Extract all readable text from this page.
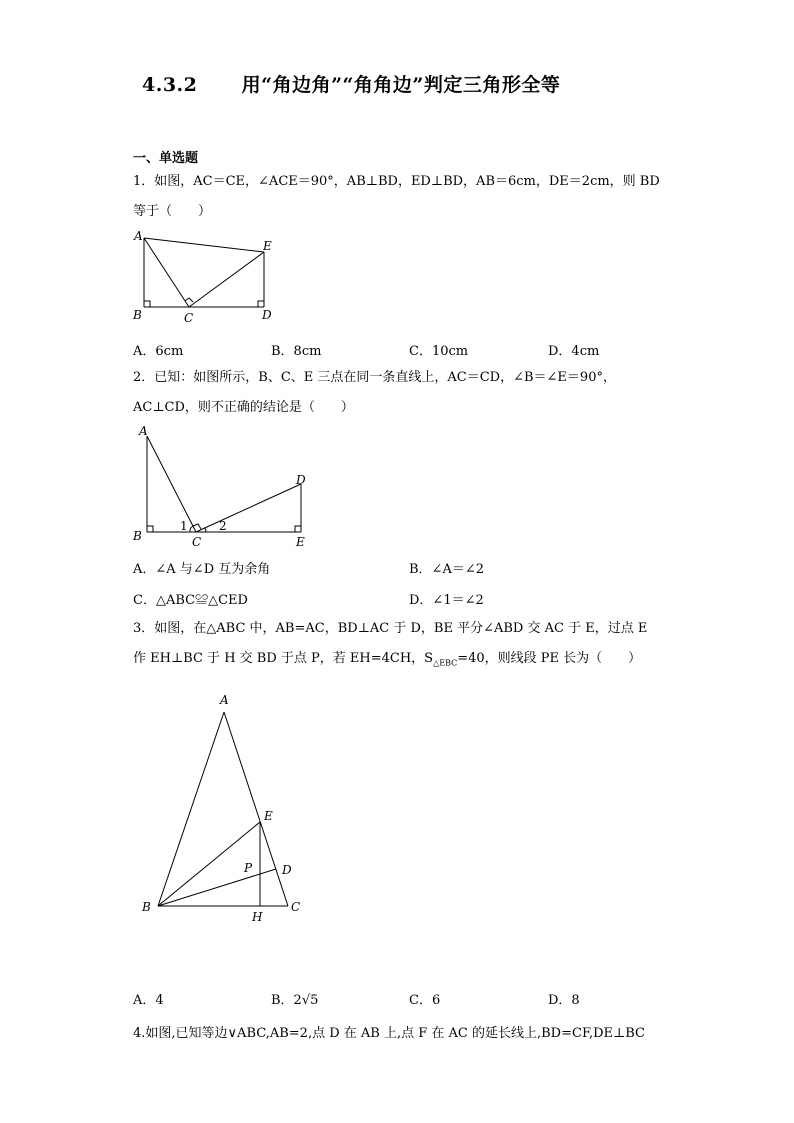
4.3.2 用“角边角”“角角边”判定三角形全等
一、单选题
1．如图，AC＝CE，∠ACE＝90°，AB⊥BD，ED⊥BD，AB＝6cm，DE＝2cm，则 BD
等于（　　）
A
E
B	C	D
A．6cm	B．8cm	C．10cm	D．4cm
2．已知：如图所示，B、C、E 三点在同一条直线上，AC＝CD，∠B＝∠E＝90°，
AC⊥CD，则不正确的结论是（　　）
A
D
B	C	E
1	2
A．∠A 与∠D 互为余角	B．∠A＝∠2
C．△ABC≌△CED	D．∠1＝∠2
3．如图，在△ABC 中，AB=AC，BD⊥AC 于 D，BE 平分∠ABD 交 AC 于 E，过点 E
作 EH⊥BC 于 H 交 BD 于点 P，若 EH=4CH，$S_{\triangle EBC}=40$，则线段 PE 长为（　　）
A
E
P D
B	C
H
A．4	B．2√5	C．6	D．8
4.如图,已知等边∨ABC,AB=2,点 D 在 AB 上,点 F 在 AC 的延长线上,BD=CF,DE⊥BC
